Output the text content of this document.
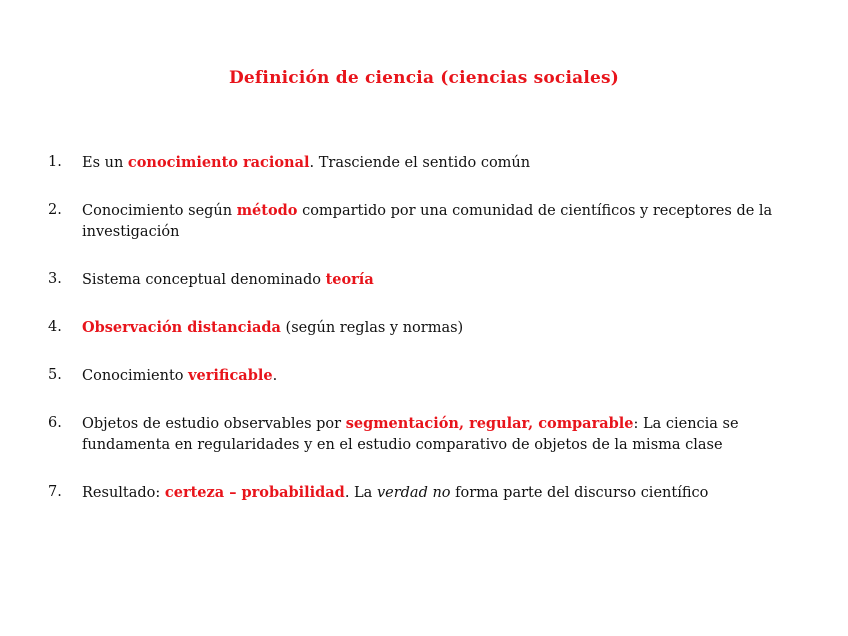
Definición de ciencia (ciencias sociales)
1. Es un conocimiento racional. Trasciende el sentido común
2. Conocimiento según método compartido por una comunidad de científicos y receptores de la investigación
3. Sistema conceptual denominado teoría
4. Observación distanciada (según reglas y normas)
5. Conocimiento verificable.
6. Objetos de estudio observables por segmentación, regular, comparable: La ciencia se fundamenta en regularidades y en el estudio comparativo de objetos de la misma clase
7. Resultado: certeza – probabilidad. La verdad no forma parte del discurso científico
